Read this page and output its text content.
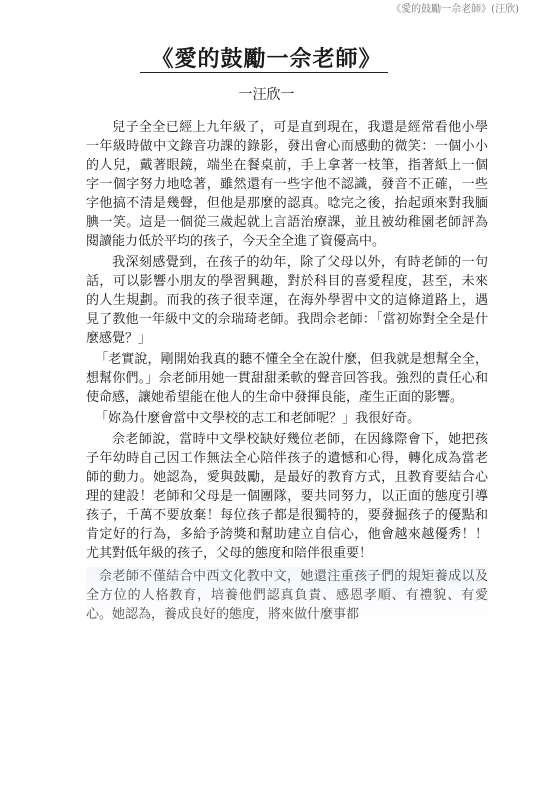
《愛的鼓勵一佘老師》(汪欣)
《愛的鼓勵一佘老師》
一汪欣一

兒子全全已經上九年級了，可是直到現在，我還是經常看他小學一年級時做中文錄音功課的錄影，發出會心而感動的微笑：一個小小的人兒，戴著眼鏡，端坐在餐桌前，手上拿著一枝筆，指著紙上一個字一個字努力地唸著，雖然還有一些字他不認識，發音不正確，一些字他搞不清是幾聲，但他是那麼的認真。唸完之後，抬起頭來對我腼腆一笑。這是一個從三歲起就上言語治療課，並且被幼稚園老師評為閱讀能力低於平均的孩子，今天全全進了資優高中。

我深刻感覺到，在孩子的幼年，除了父母以外，有時老師的一句話，可以影響小朋友的學習興趣，對於科目的喜愛程度，甚至，未來的人生規劃。而我的孩子很幸運，在海外學習中文的這條道路上，遇見了教他一年級中文的佘瑞琦老師。我問佘老師：「當初妳對全全是什麼感覺？」

「老實說，剛開始我真的聽不懂全全在說什麼，但我就是想幫全全，想幫你們。」佘老師用她一貫甜甜柔軟的聲音回答我。強烈的責任心和使命感，讓她希望能在他人的生命中發揮良能，產生正面的影響。

「妳為什麼會當中文學校的志工和老師呢？」我很好奇。

佘老師說，當時中文學校缺好幾位老師，在因緣際會下，她把孩子年幼時自己因工作無法全心陪伴孩子的遺憾和心得，轉化成為當老師的動力。她認為，愛與鼓勵，是最好的教育方式，且教育要結合心理的建設！老師和父母是一個團隊，要共同努力，以正面的態度引導孩子，千萬不要放棄！每位孩子都是很獨特的，要發掘孩子的優點和肯定好的行為，多給予誇獎和幫助建立自信心，他會越來越優秀！！尤其對低年級的孩子，父母的態度和陪伴很重要！

佘老師不僅結合中西文化教中文，她還注重孩子們的規矩養成以及全方位的人格教育，培養他們認真負責、感恩孝順、有禮貌、有愛心。她認為，養成良好的態度，將來做什麼事都
